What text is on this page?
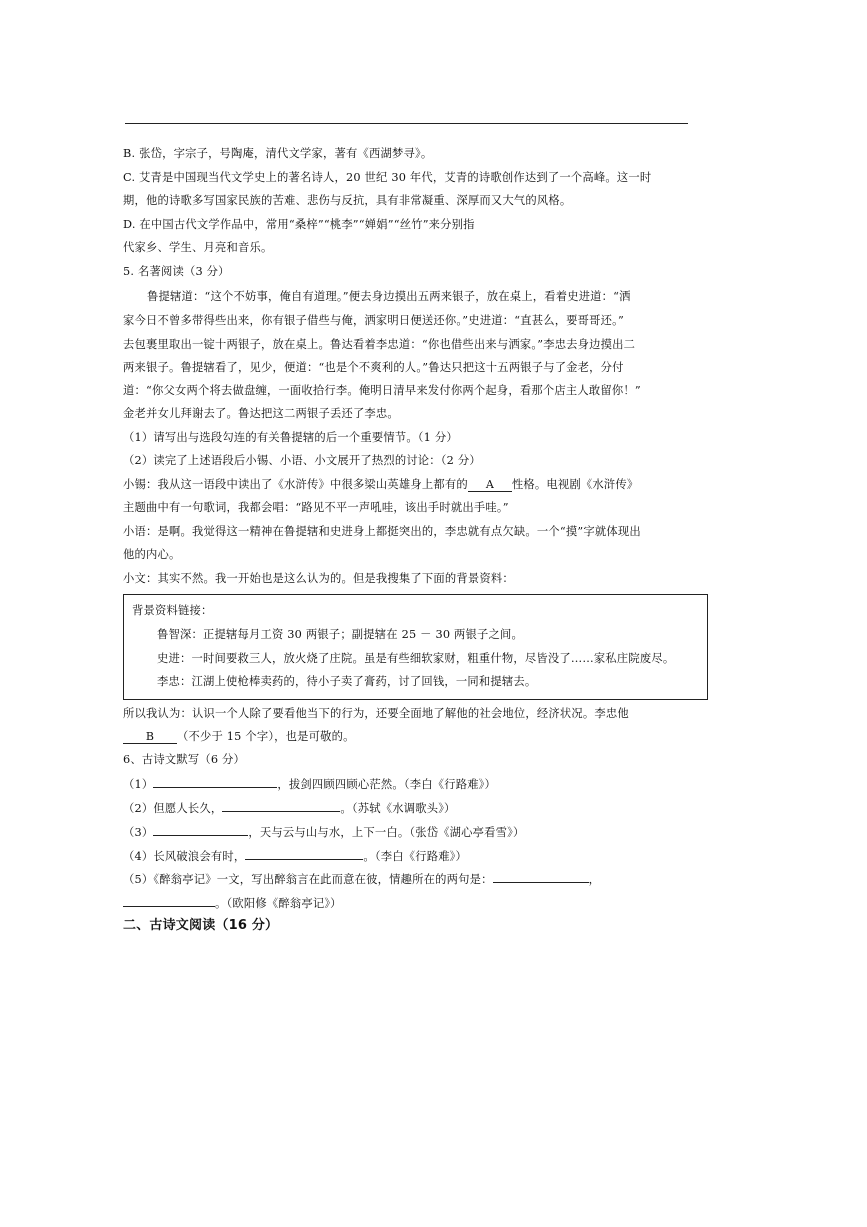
B. 张岱，字宗子，号陶庵，清代文学家，著有《西湖梦寻》。
C. 艾青是中国现当代文学史上的著名诗人，20 世纪 30 年代，艾青的诗歌创作达到了一个高峰。这一时
期，他的诗歌多写国家民族的苦难、悲伤与反抗，具有非常凝重、深厚而又大气的风格。
D. 在中国古代文学作品中，常用“桑梓”“桃李”“婵娟”“丝竹”来分别指
代家乡、学生、月亮和音乐。
5. 名著阅读（3 分）
鲁提辖道：“这个不妨事，俺自有道理。”便去身边摸出五两来银子，放在桌上，看着史进道：“洒
家今日不曾多带得些出来，你有银子借些与俺，洒家明日便送还你。”史进道：“直甚么，要哥哥还。”
去包裹里取出一锭十两银子，放在桌上。鲁达看着李忠道：“你也借些出来与洒家。”李忠去身边摸出二
两来银子。鲁提辖看了，见少，便道：“也是个不爽利的人。”鲁达只把这十五两银子与了金老，分付
道：“你父女两个将去做盘缠，一面收拾行李。俺明日清早来发付你两个起身，看那个店主人敢留你！”
金老并女儿拜谢去了。鲁达把这二两银子丢还了李忠。
（1）请写出与选段勾连的有关鲁提辖的后一个重要情节。（1 分）
（2）读完了上述语段后小锡、小语、小文展开了热烈的讨论：（2 分）
小锡：我从这一语段中读出了《水浒传》中很多梁山英雄身上都有的 A 性格。电视剧《水浒传》
主题曲中有一句歌词，我都会唱：“路见不平一声吼哇，该出手时就出手哇。”
小语：是啊。我觉得这一精神在鲁提辖和史进身上都挺突出的，李忠就有点欠缺。一个“摸”字就体现出
他的内心。
小文：其实不然。我一开始也是这么认为的。但是我搜集了下面的背景资料：
背景资料链接：
鲁智深：正提辖每月工资 30 两银子；副提辖在 25 － 30 两银子之间。
史进：一时间要救三人，放火烧了庄院。虽是有些细软家财，粗重什物，尽皆没了……家私庄院废尽。
李忠：江湖上使枪棒卖药的，待小子卖了膏药，讨了回钱，一同和提辖去。
所以我认为：认识一个人除了要看他当下的行为，还要全面地了解他的社会地位，经济状况。李忠他
B （不少于 15 个字），也是可敬的。
6、古诗文默写（6 分）
（1）	，拔剑四顾四顾心茫然。（李白《行路难》）
（2）但愿人长久，	。（苏轼《水调歌头》）
（3）	，天与云与山与水，上下一白。（张岱《湖心亭看雪》）
（4）长风破浪会有时，	。（李白《行路难》）
（5）《醉翁亭记》一文，写出醉翁言在此而意在彼，情趣所在的两句是：	，
。（欧阳修《醉翁亭记》）
二、古诗文阅读（16 分）
